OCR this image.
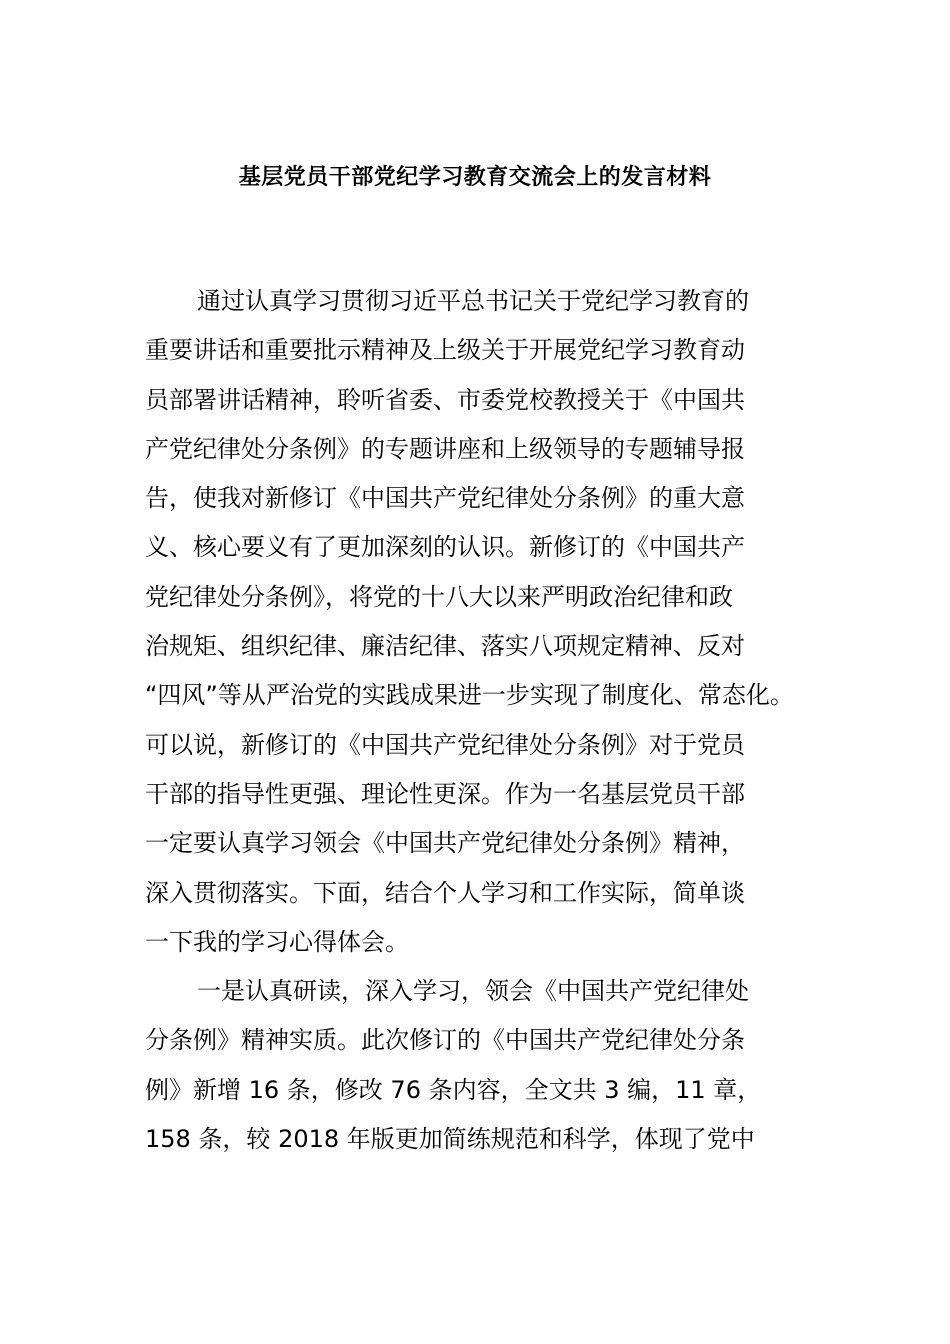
基层党员干部党纪学习教育交流会上的发言材料
通过认真学习贯彻习近平总书记关于党纪学习教育的
重要讲话和重要批示精神及上级关于开展党纪学习教育动
员部署讲话精神，聆听省委、市委党校教授关于《中国共
产党纪律处分条例》的专题讲座和上级领导的专题辅导报
告，使我对新修订《中国共产党纪律处分条例》的重大意
义、核心要义有了更加深刻的认识。新修订的《中国共产
党纪律处分条例》，将党的十八大以来严明政治纪律和政
治规矩、组织纪律、廉洁纪律、落实八项规定精神、反对
“四风”等从严治党的实践成果进一步实现了制度化、常态化。
可以说，新修订的《中国共产党纪律处分条例》对于党员
干部的指导性更强、理论性更深。作为一名基层党员干部
一定要认真学习领会《中国共产党纪律处分条例》精神，
深入贯彻落实。下面，结合个人学习和工作实际，简单谈
一下我的学习心得体会。
一是认真研读，深入学习，领会《中国共产党纪律处
分条例》精神实质。此次修订的《中国共产党纪律处分条
例》新增 16 条，修改 76 条内容，全文共 3 编，11 章，
158 条，较 2018 年版更加简练规范和科学，体现了党中
